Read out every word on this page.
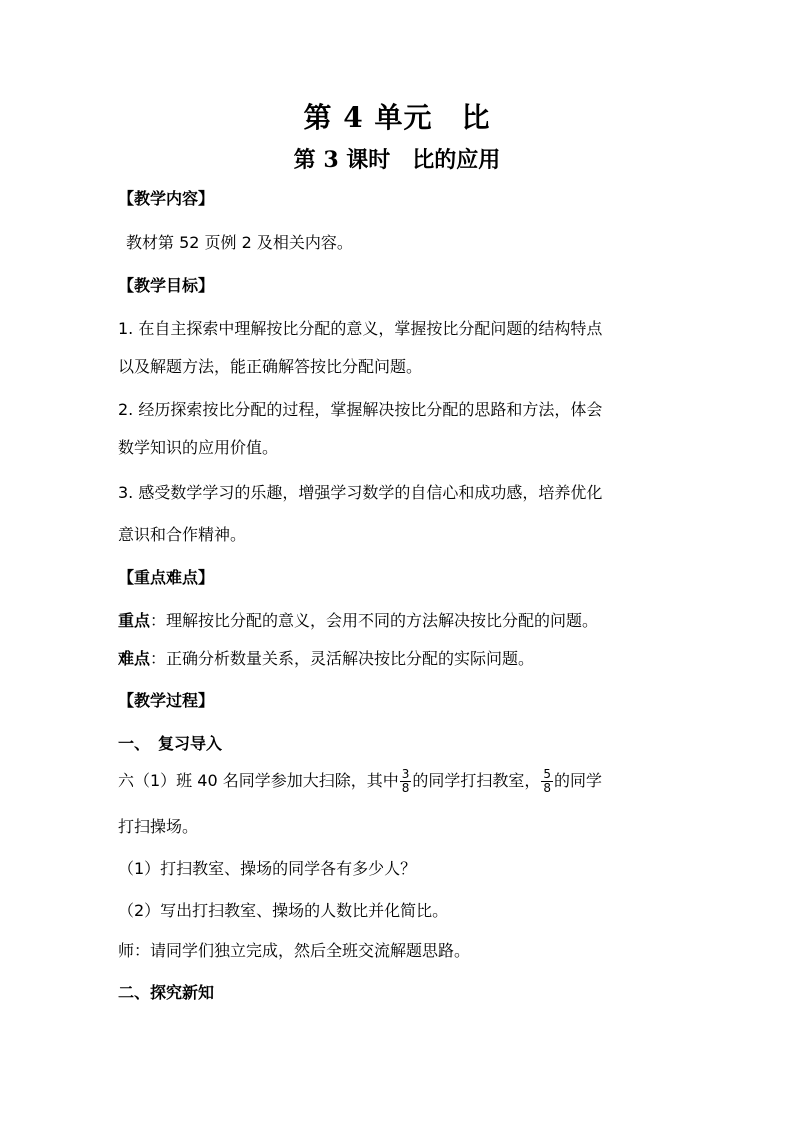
第 4 单元　比
第 3 课时　比的应用
【教学内容】
教材第 52 页例 2 及相关内容。
【教学目标】
1. 在自主探索中理解按比分配的意义，掌握按比分配问题的结构特点
以及解题方法，能正确解答按比分配问题。
2. 经历探索按比分配的过程，掌握解决按比分配的思路和方法，体会
数学知识的应用价值。
3. 感受数学学习的乐趣，增强学习数学的自信心和成功感，培养优化
意识和合作精神。
【重点难点】
重点：理解按比分配的意义，会用不同的方法解决按比分配的问题。
难点：正确分析数量关系，灵活解决按比分配的实际问题。
【教学过程】
一、　复习导入
六（1）班 40 名同学参加大扫除，其中 $\frac{3}{8}$ 的同学打扫教室， $\frac{5}{8}$ 的同学
打扫操场。
（1）打扫教室、操场的同学各有多少人？
（2）写出打扫教室、操场的人数比并化简比。
师：请同学们独立完成，然后全班交流解题思路。
二、探究新知
